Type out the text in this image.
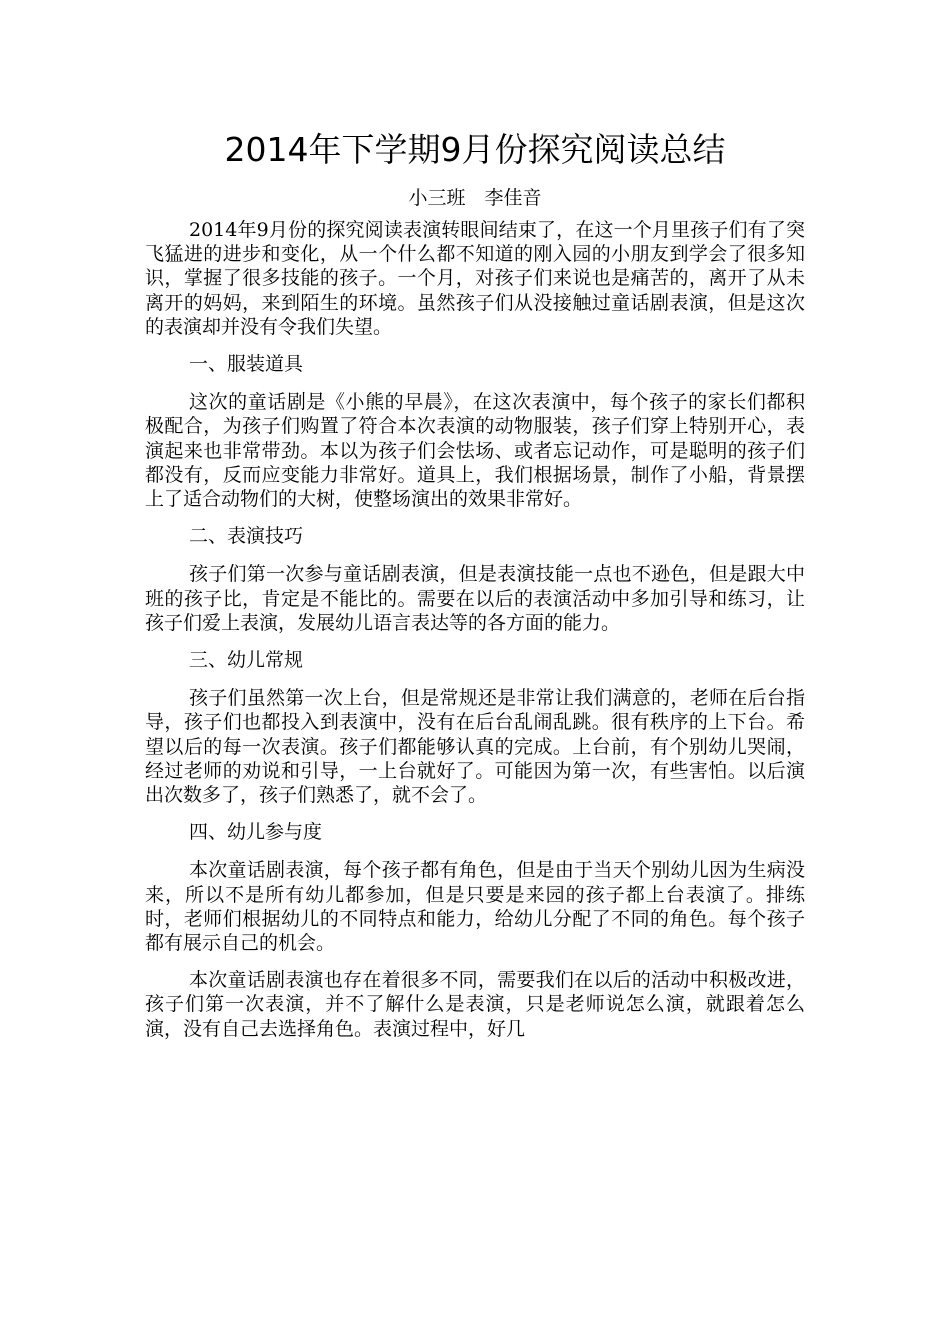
2014年下学期9月份探究阅读总结

小三班　李佳音

2014年9月份的探究阅读表演转眼间结束了，在这一个月里孩子们有了突飞猛进的进步和变化，从一个什么都不知道的刚入园的小朋友到学会了很多知识，掌握了很多技能的孩子。一个月，对孩子们来说也是痛苦的，离开了从未离开的妈妈，来到陌生的环境。虽然孩子们从没接触过童话剧表演，但是这次的表演却并没有令我们失望。

一、服装道具

这次的童话剧是《小熊的早晨》，在这次表演中，每个孩子的家长们都积极配合，为孩子们购置了符合本次表演的动物服装，孩子们穿上特别开心，表演起来也非常带劲。本以为孩子们会怯场、或者忘记动作，可是聪明的孩子们都没有，反而应变能力非常好。道具上，我们根据场景，制作了小船，背景摆上了适合动物们的大树，使整场演出的效果非常好。

二、表演技巧

孩子们第一次参与童话剧表演，但是表演技能一点也不逊色，但是跟大中班的孩子比，肯定是不能比的。需要在以后的表演活动中多加引导和练习，让孩子们爱上表演，发展幼儿语言表达等的各方面的能力。

三、幼儿常规

孩子们虽然第一次上台，但是常规还是非常让我们满意的，老师在后台指导，孩子们也都投入到表演中，没有在后台乱闹乱跳。很有秩序的上下台。希望以后的每一次表演。孩子们都能够认真的完成。上台前，有个别幼儿哭闹，经过老师的劝说和引导，一上台就好了。可能因为第一次，有些害怕。以后演出次数多了，孩子们熟悉了，就不会了。

四、幼儿参与度

本次童话剧表演，每个孩子都有角色，但是由于当天个别幼儿因为生病没来，所以不是所有幼儿都参加，但是只要是来园的孩子都上台表演了。排练时，老师们根据幼儿的不同特点和能力，给幼儿分配了不同的角色。每个孩子都有展示自己的机会。

本次童话剧表演也存在着很多不同，需要我们在以后的活动中积极改进，孩子们第一次表演，并不了解什么是表演，只是老师说怎么演，就跟着怎么演，没有自己去选择角色。表演过程中，好几
